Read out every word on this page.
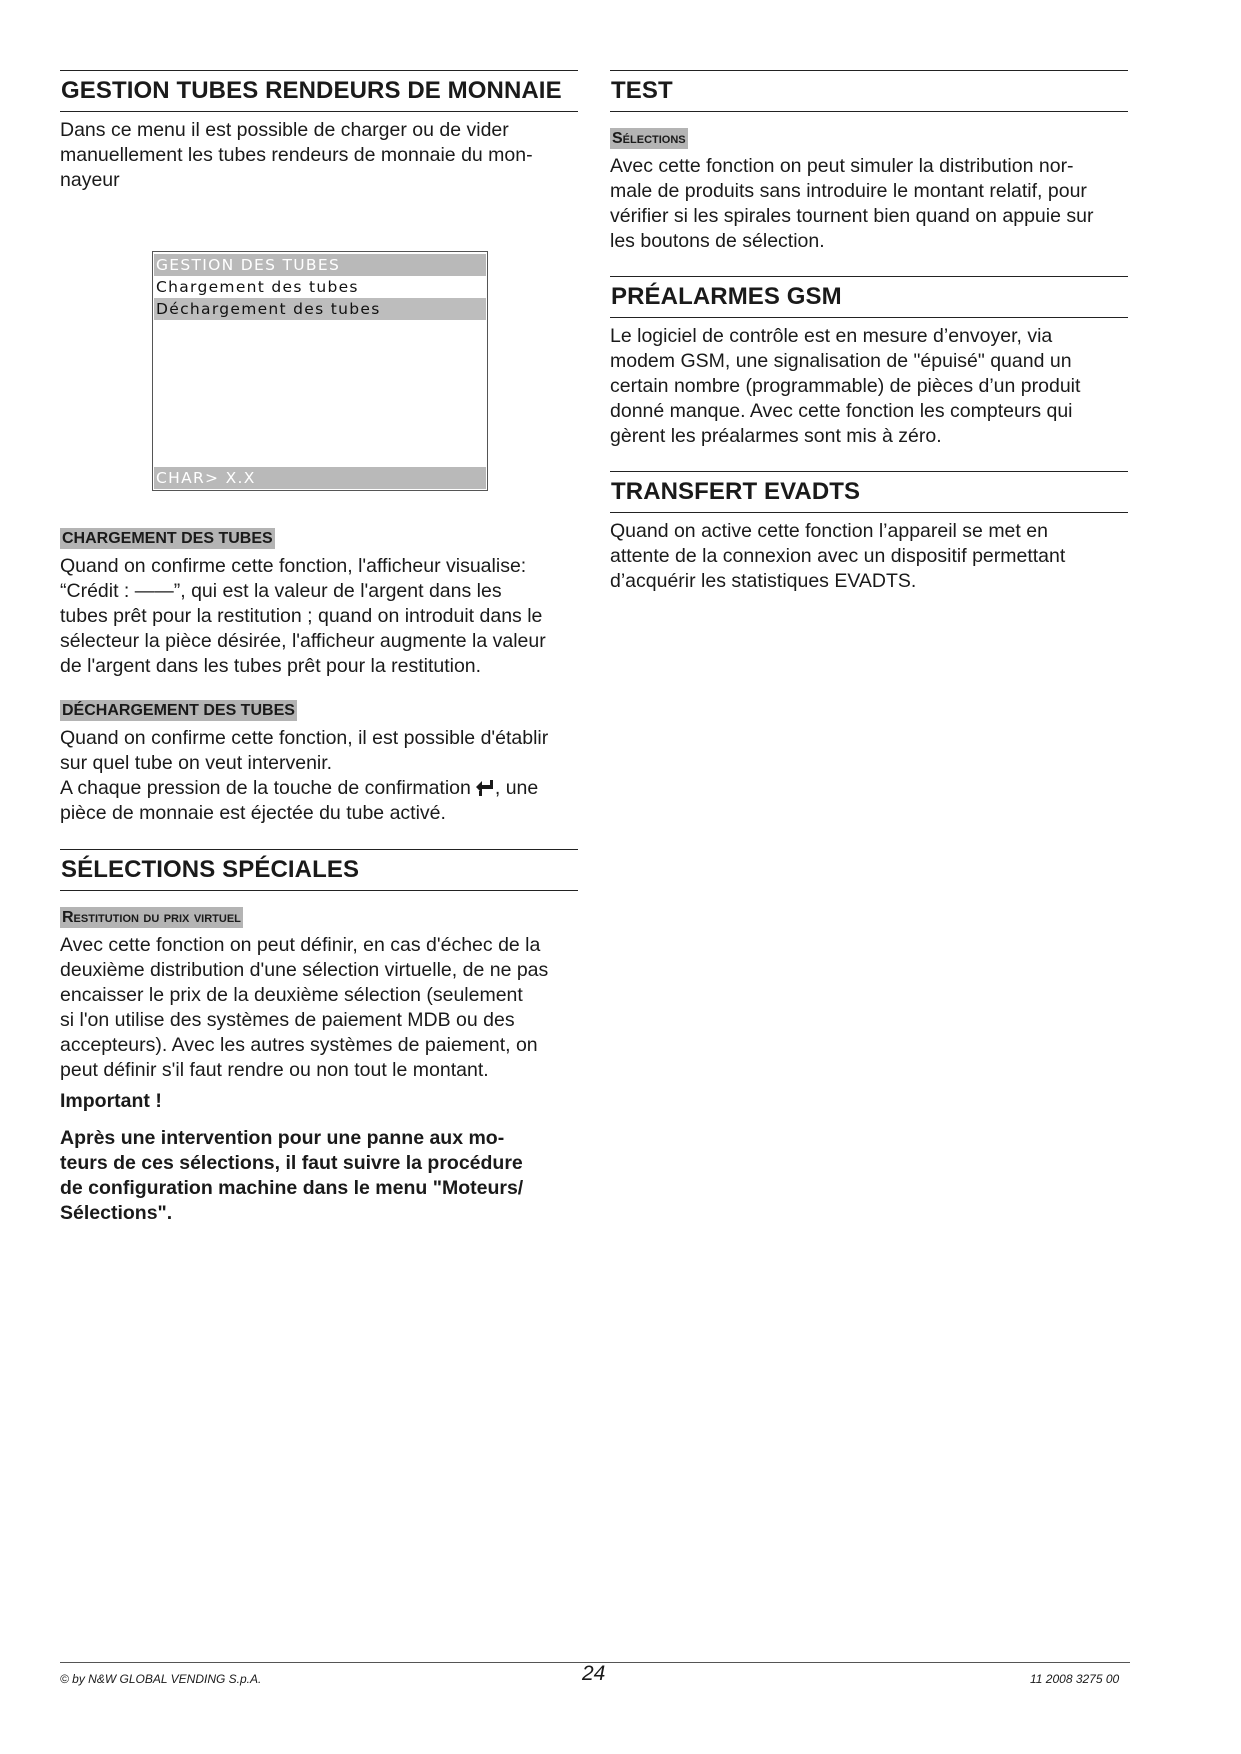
GESTION TUBES RENDEURS DE MONNAIE

Dans ce menu il est possible de charger ou de vider
manuellement les tubes rendeurs de monnaie du mon-
nayeur

GESTION DES TUBES
Chargement des tubes
Déchargement des tubes
CHAR> X.X
CHARGEMENT DES TUBES

Quand on confirme cette fonction, l'afficheur visualise:
“Crédit : ——”, qui est la valeur de l'argent dans les
tubes prêt pour la restitution ; quand on introduit dans le
sélecteur la pièce désirée, l'afficheur augmente la valeur
de l'argent dans les tubes prêt pour la restitution.

DÉCHARGEMENT DES TUBES

Quand on confirme cette fonction, il est possible d'établir
sur quel tube on veut intervenir.

A chaque pression de la touche de confirmation , une

pièce de monnaie est éjectée du tube activé.

SÉLECTIONS SPÉCIALES
Restitution du prix virtuel

Avec cette fonction on peut définir, en cas d'échec de la
deuxième distribution d'une sélection virtuelle, de ne pas
encaisser le prix de la deuxième sélection (seulement
si l'on utilise des systèmes de paiement MDB ou des
accepteurs). Avec les autres systèmes de paiement, on
peut définir s'il faut rendre ou non tout le montant.

Important !

Après une intervention pour une panne aux mo-
teurs de ces sélections, il faut suivre la procédure
de configuration machine dans le menu "Moteurs/
Sélections".

TEST
Sélections

Avec cette fonction on peut simuler la distribution nor-
male de produits sans introduire le montant relatif, pour
vérifier si les spirales tournent bien quand on appuie sur
les boutons de sélection.

PRÉALARMES GSM

Le logiciel de contrôle est en mesure d’envoyer, via
modem GSM, une signalisation de "épuisé" quand un
certain nombre (programmable) de pièces d’un produit
donné manque. Avec cette fonction les compteurs qui
gèrent les préalarmes sont mis à zéro.

TRANSFERT EVADTS

Quand on active cette fonction l’appareil se met en
attente de la connexion avec un dispositif permettant
d’acquérir les statistiques EVADTS.

© by N&W GLOBAL VENDING S.p.A.	24	11 2008 3275 00
